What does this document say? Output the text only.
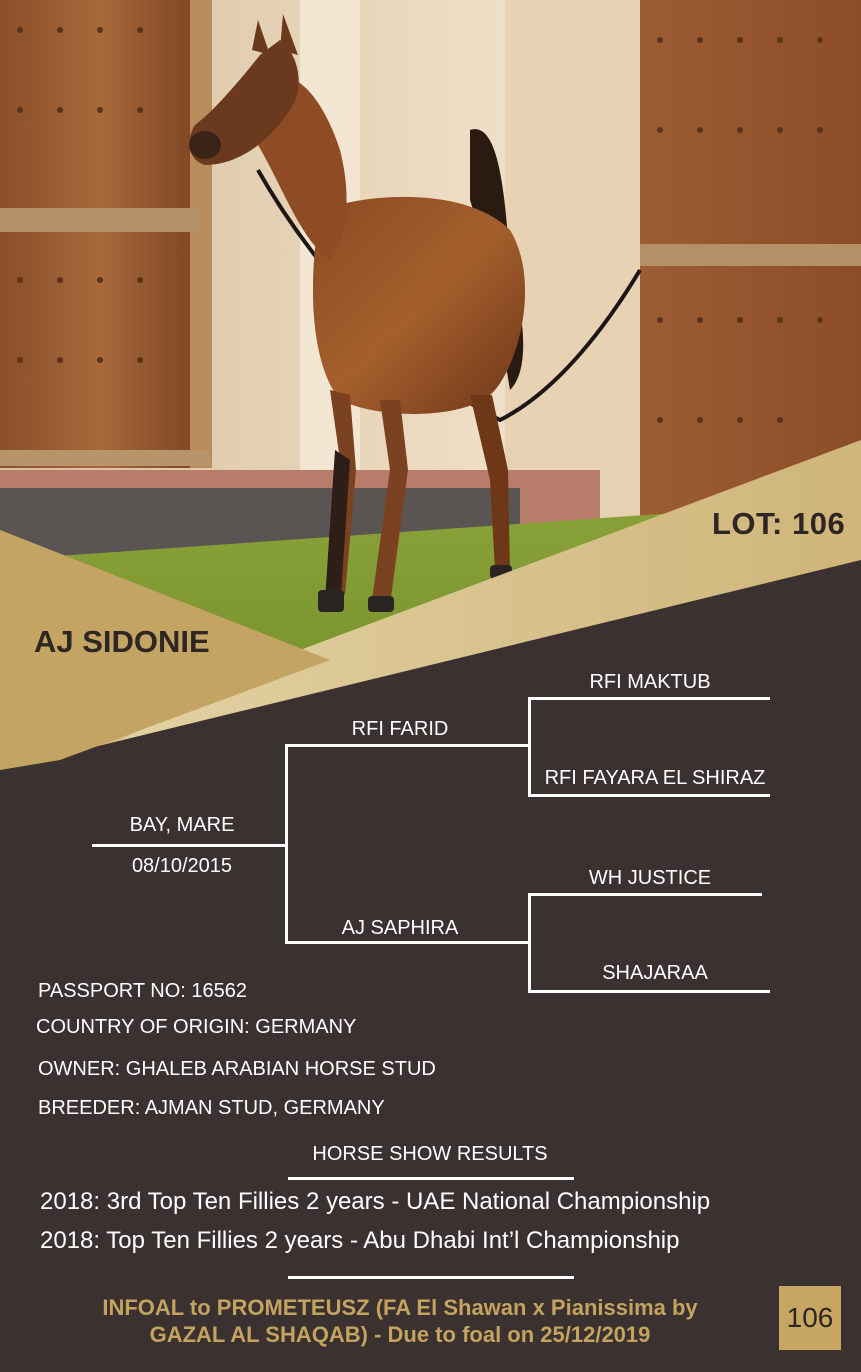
LOT: 106
AJ SIDONIE
BAY, MARE
08/10/2015
RFI FARID
AJ SAPHIRA
RFI MAKTUB
RFI FAYARA EL SHIRAZ
WH JUSTICE
SHAJARAA
PASSPORT NO: 16562
COUNTRY OF ORIGIN: GERMANY
OWNER: GHALEB ARABIAN HORSE STUD
BREEDER: AJMAN STUD, GERMANY
HORSE SHOW RESULTS
2018: 3rd Top Ten Fillies 2 years - UAE National Championship
2018: Top Ten Fillies 2 years - Abu Dhabi Int’l Championship
INFOAL to PROMETEUSZ (FA El Shawan x Pianissima by
GAZAL AL SHAQAB) - Due to foal on 25/12/2019
106
